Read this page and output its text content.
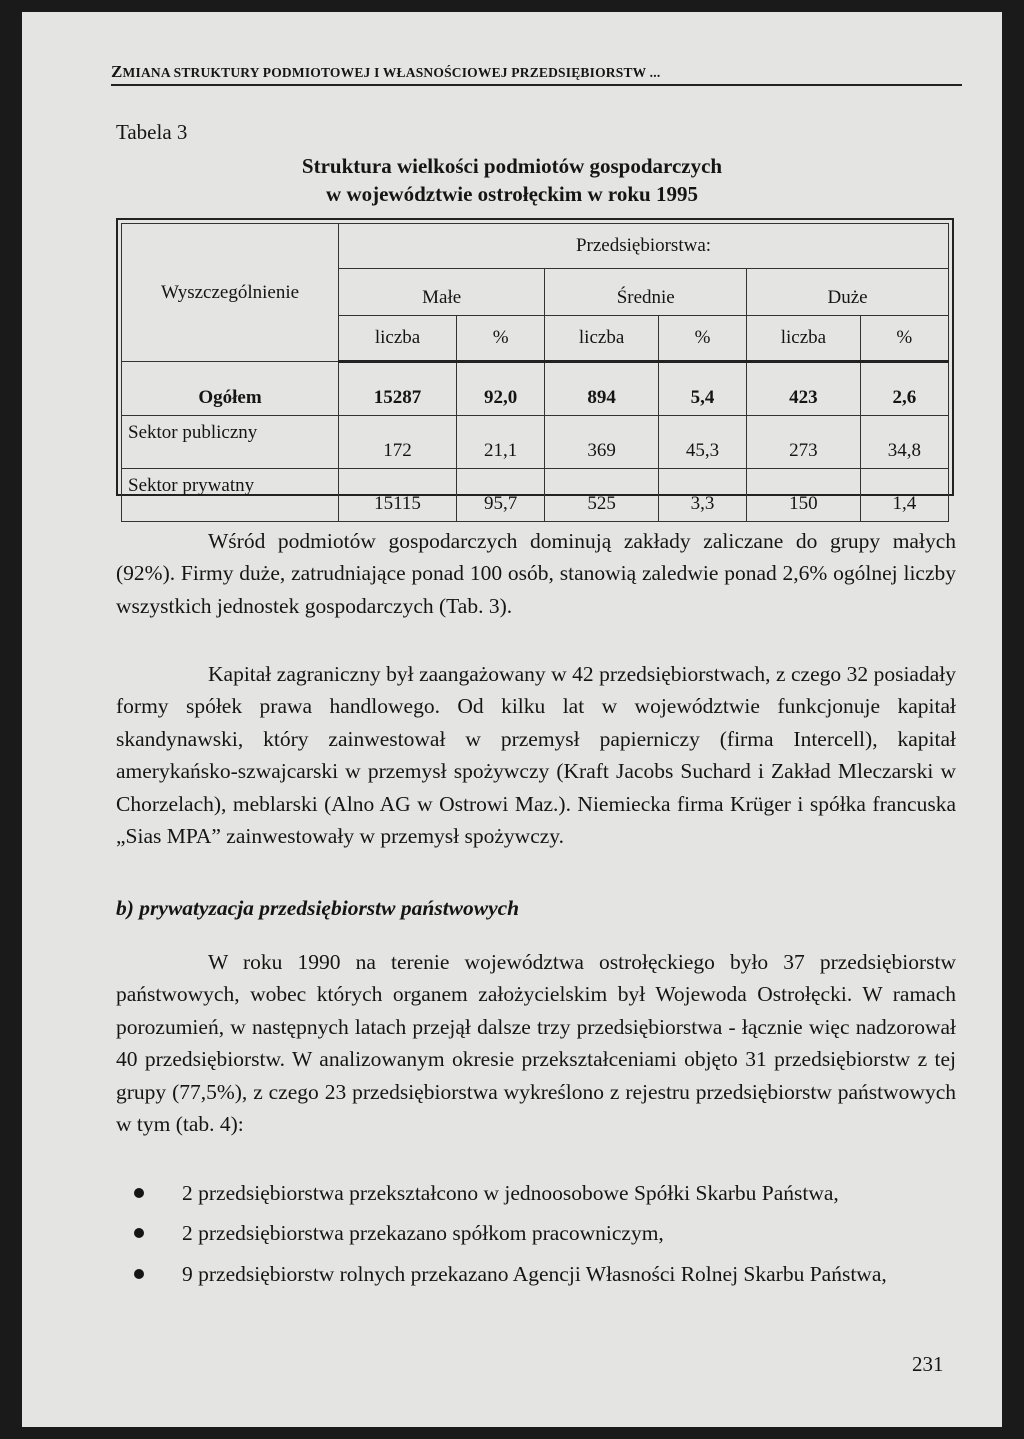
ZMIANA STRUKTURY PODMIOTOWEJ I WŁASNOŚCIOWEJ PRZEDSIĘBIORSTW ...
Tabela 3
Struktura wielkości podmiotów gospodarczych
w województwie ostrołęckim w roku 1995
Wyszczególnienie	Przedsiębiorstwa:					
	Małe		Średnie		Duże	
	liczba	%	liczba	%	liczba	%
Ogółem	15287	92,0	894	5,4	423	2,6
Sektor publiczny	172	21,1	369	45,3	273	34,8
Sektor prywatny	15115	95,7	525	3,3	150	1,4

Wśród podmiotów gospodarczych dominują zakłady zaliczane do grupy małych (92%). Firmy duże, zatrudniające ponad 100 osób, stanowią zaledwie ponad 2,6% ogólnej liczby wszystkich jednostek gospodarczych (Tab. 3).

Kapitał zagraniczny był zaangażowany w 42 przedsiębiorstwach, z czego 32 posiadały formy spółek prawa handlowego. Od kilku lat w województwie funkcjonuje kapitał skandynawski, który zainwestował w przemysł papierniczy (firma Intercell), kapitał amerykańsko-szwajcarski w przemysł spożywczy (Kraft Jacobs Suchard i Zakład Mleczarski w Chorzelach), meblarski (Alno AG w Ostrowi Maz.). Niemiecka firma Krüger i spółka francuska „Sias MPA” zainwestowały w przemysł spożywczy.

b) prywatyzacja przedsiębiorstw państwowych

W roku 1990 na terenie województwa ostrołęckiego było 37 przedsiębiorstw państwowych, wobec których organem założycielskim był Wojewoda Ostrołęcki. W ramach porozumień, w następnych latach przejął dalsze trzy przedsiębiorstwa - łącznie więc nadzorował 40 przedsiębiorstw. W analizowanym okresie przekształceniami objęto 31 przedsiębiorstw z tej grupy (77,5%), z czego 23 przedsiębiorstwa wykreślono z rejestru przedsiębiorstw państwowych w tym (tab. 4):

2 przedsiębiorstwa przekształcono w jednoosobowe Spółki Skarbu Państwa,
2 przedsiębiorstwa przekazano spółkom pracowniczym,
9 przedsiębiorstw rolnych przekazano Agencji Własności Rolnej Skarbu Państwa,
231
